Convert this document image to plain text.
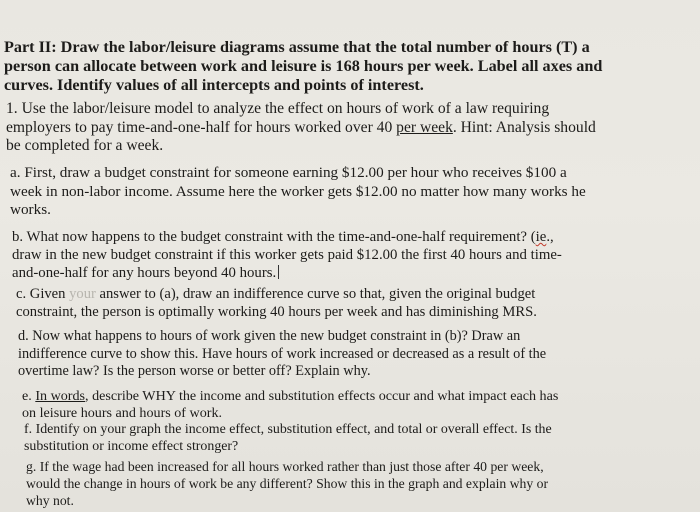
Part II: Draw the labor/leisure diagrams assume that the total number of hours (T) a
person can allocate between work and leisure is 168 hours per week. Label all axes and
curves. Identify values of all intercepts and points of interest.
1. Use the labor/leisure model to analyze the effect on hours of work of a law requiring
employers to pay time-and-one-half for hours worked over 40 per week. Hint: Analysis should
be completed for a week.
a. First, draw a budget constraint for someone earning $12.00 per hour who receives $100 a
week in non-labor income. Assume here the worker gets $12.00 no matter how many works he
works.
b. What now happens to the budget constraint with the time-and-one-half requirement? (ie.,
draw in the new budget constraint if this worker gets paid $12.00 the first 40 hours and time-
and-one-half for any hours beyond 40 hours.
c. Given your answer to (a), draw an indifference curve so that, given the original budget
constraint, the person is optimally working 40 hours per week and has diminishing MRS.
d. Now what happens to hours of work given the new budget constraint in (b)? Draw an
indifference curve to show this. Have hours of work increased or decreased as a result of the
overtime law? Is the person worse or better off? Explain why.
e. In words, describe WHY the income and substitution effects occur and what impact each has
on leisure hours and hours of work.
f. Identify on your graph the income effect, substitution effect, and total or overall effect. Is the
substitution or income effect stronger?
g. If the wage had been increased for all hours worked rather than just those after 40 per week,
would the change in hours of work be any different? Show this in the graph and explain why or
why not.
